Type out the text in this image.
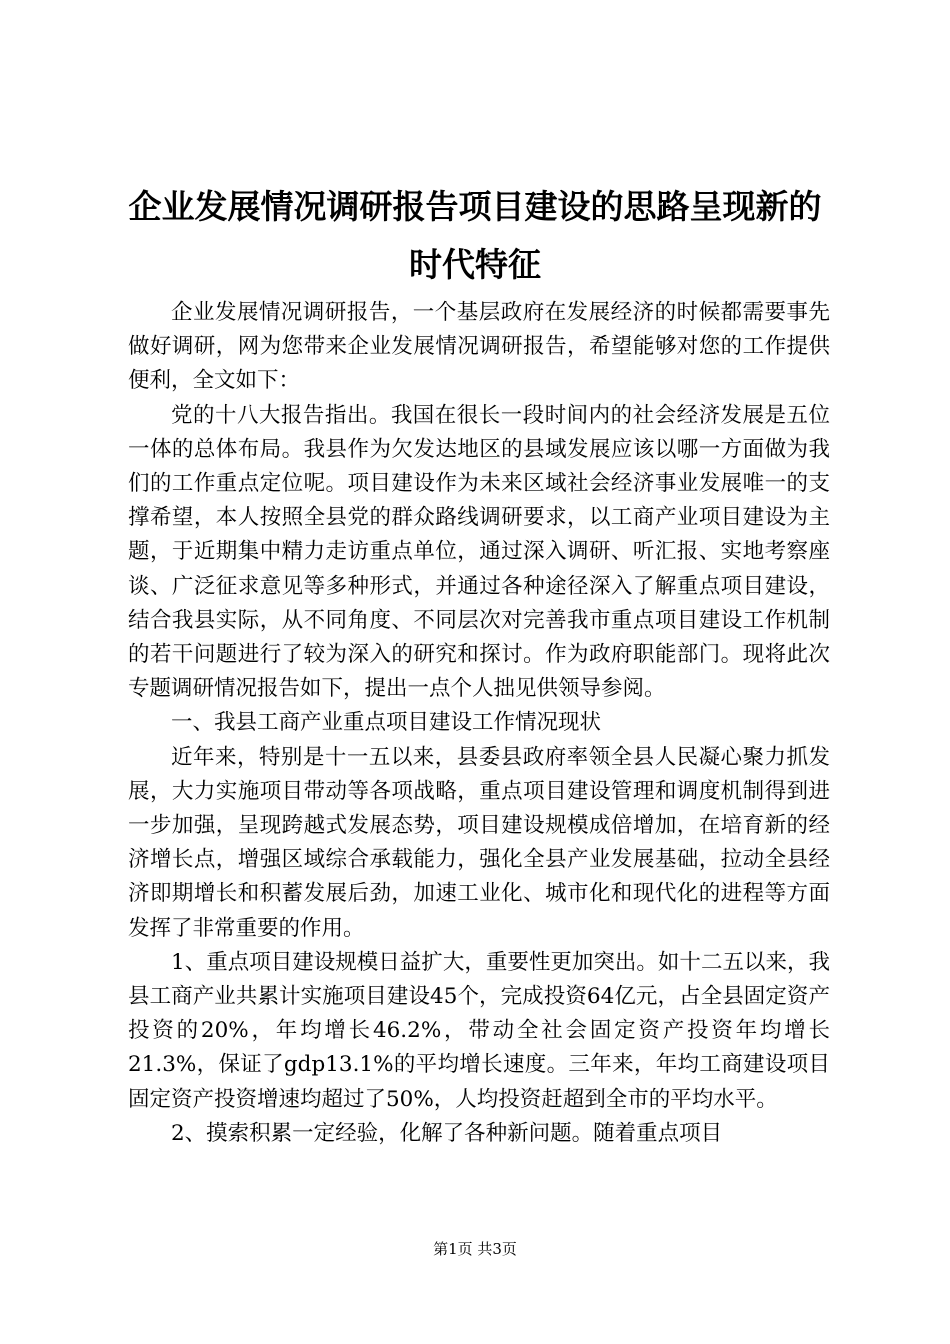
企业发展情况调研报告项目建设的思路呈现新的时代特征

企业发展情况调研报告，一个基层政府在发展经济的时候都需要事先做好调研，网为您带来企业发展情况调研报告，希望能够对您的工作提供便利，全文如下：

党的十八大报告指出。我国在很长一段时间内的社会经济发展是五位一体的总体布局。我县作为欠发达地区的县域发展应该以哪一方面做为我们的工作重点定位呢。项目建设作为未来区域社会经济事业发展唯一的支撑希望，本人按照全县党的群众路线调研要求，以工商产业项目建设为主题，于近期集中精力走访重点单位，通过深入调研、听汇报、实地考察座谈、广泛征求意见等多种形式，并通过各种途径深入了解重点项目建设，结合我县实际，从不同角度、不同层次对完善我市重点项目建设工作机制的若干问题进行了较为深入的研究和探讨。作为政府职能部门。现将此次专题调研情况报告如下，提出一点个人拙见供领导参阅。

一、我县工商产业重点项目建设工作情况现状

近年来，特别是十一五以来，县委县政府率领全县人民凝心聚力抓发展，大力实施项目带动等各项战略，重点项目建设管理和调度机制得到进一步加强，呈现跨越式发展态势，项目建设规模成倍增加，在培育新的经济增长点，增强区域综合承载能力，强化全县产业发展基础，拉动全县经济即期增长和积蓄发展后劲，加速工业化、城市化和现代化的进程等方面发挥了非常重要的作用。

1、重点项目建设规模日益扩大，重要性更加突出。如十二五以来，我县工商产业共累计实施项目建设45个，完成投资64亿元，占全县固定资产投资的20%，年均增长46.2%，带动全社会固定资产投资年均增长21.3%，保证了gdp13.1%的平均增长速度。三年来，年均工商建设项目固定资产投资增速均超过了50%，人均投资赶超到全市的平均水平。

2、摸索积累一定经验，化解了各种新问题。随着重点项目

第1页 共3页
